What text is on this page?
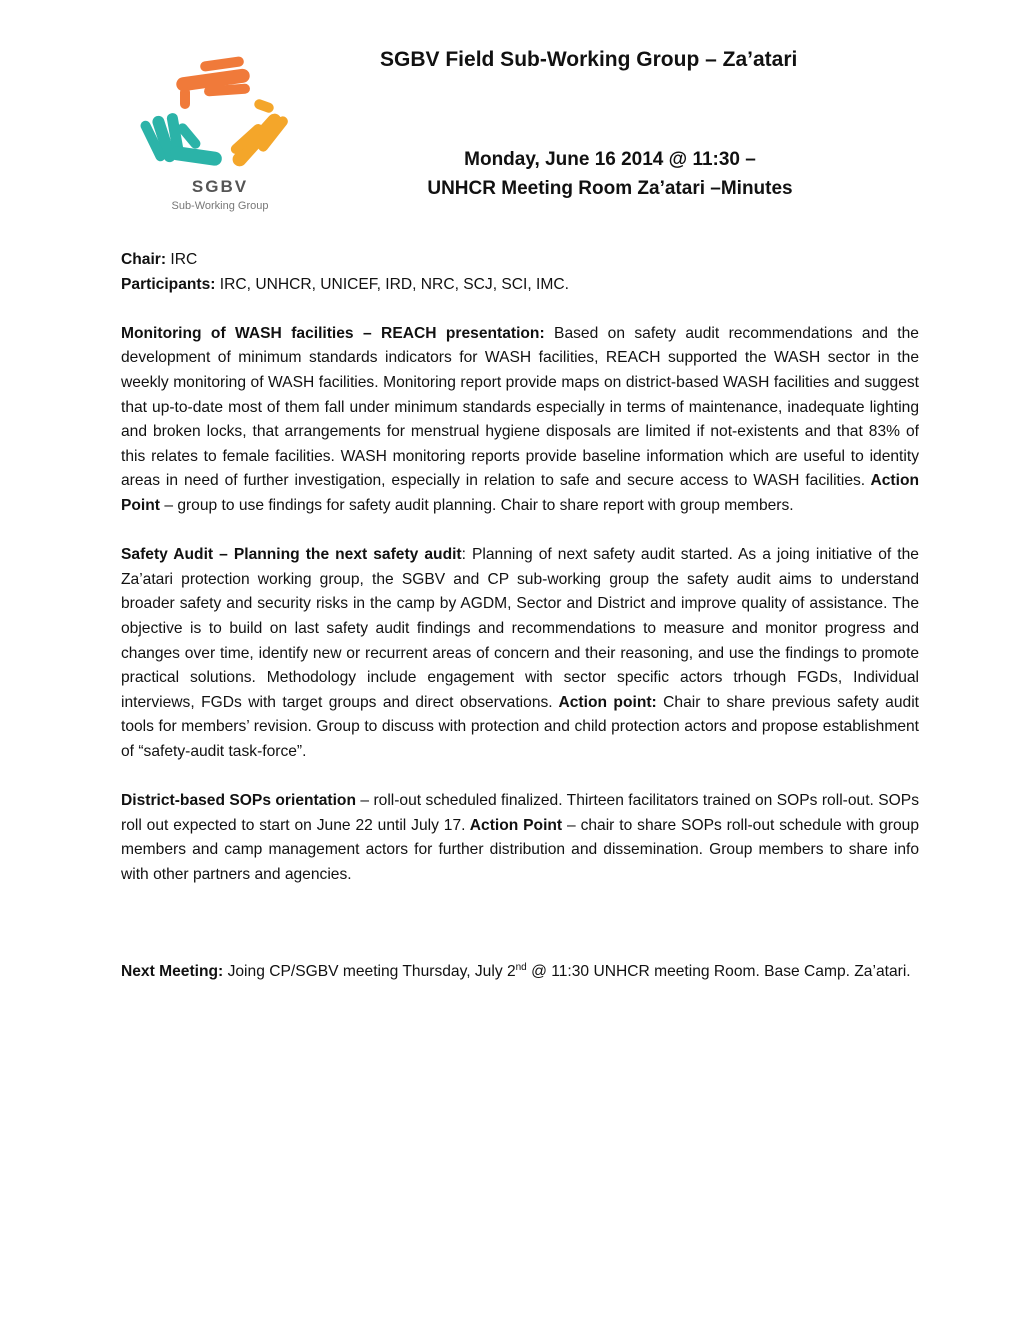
SGBV
Sub-Working Group
SGBV Field Sub-Working Group – Za’atari
Monday, June 16 2014 @ 11:30 –
UNHCR Meeting Room Za’atari –Minutes

Chair: IRC

Participants: IRC, UNHCR, UNICEF, IRD, NRC, SCJ, SCI, IMC.

Monitoring of WASH facilities – REACH presentation: Based on safety audit recommendations and the development of minimum standards indicators for WASH facilities, REACH supported the WASH sector in the weekly monitoring of WASH facilities. Monitoring report provide maps on district-based WASH facilities and suggest that up-to-date most of them fall under minimum standards especially in terms of maintenance, inadequate lighting and broken locks, that arrangements for menstrual hygiene disposals are limited if not-existents and that 83% of this relates to female facilities. WASH monitoring reports provide baseline information which are useful to identity areas in need of further investigation, especially in relation to safe and secure access to WASH facilities. Action Point – group to use findings for safety audit planning. Chair to share report with group members.

Safety Audit – Planning the next safety audit: Planning of next safety audit started. As a joing initiative of the Za’atari protection working group, the SGBV and CP sub-working group the safety audit aims to understand broader safety and security risks in the camp by AGDM, Sector and District and improve quality of assistance. The objective is to build on last safety audit findings and recommendations to measure and monitor progress and changes over time, identify new or recurrent areas of concern and their reasoning, and use the findings to promote practical solutions. Methodology include engagement with sector specific actors trhough FGDs, Individual interviews, FGDs with target groups and direct observations. Action point: Chair to share previous safety audit tools for members’ revision. Group to discuss with protection and child protection actors and propose establishment of “safety-audit task-force”.

District-based SOPs orientation – roll-out scheduled finalized. Thirteen facilitators trained on SOPs roll-out. SOPs roll out expected to start on June 22 until July 17. Action Point – chair to share SOPs roll-out schedule with group members and camp management actors for further distribution and dissemination. Group members to share info with other partners and agencies.

Next Meeting: Joing CP/SGBV meeting Thursday, July 2nd @ 11:30 UNHCR meeting Room. Base Camp. Za’atari.
